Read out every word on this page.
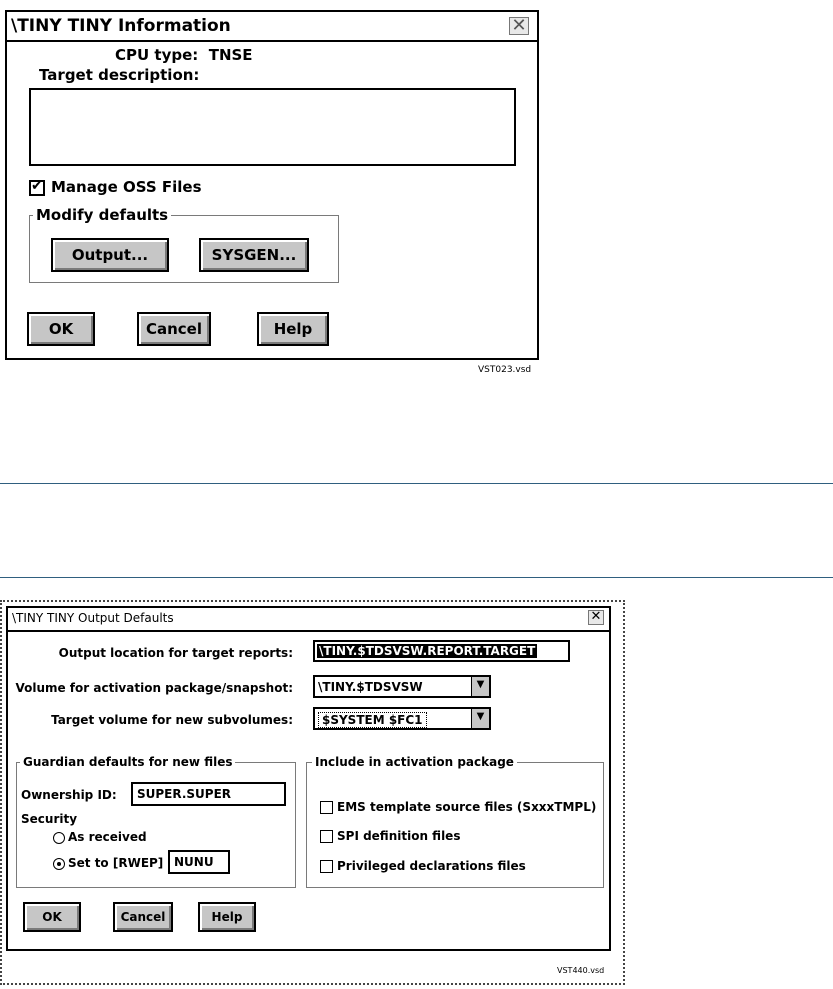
\TINY TINY Information	✕
CPU type: TNSE
Target description:
✔ Manage OSS Files
Modify defaults
Output...	SYSGEN...
OK	Cancel	Help
VST023.vsd
\TINY TINY Output Defaults	✕
Output location for target reports: \TINY.$TDSVSW.REPORT.TARGET
Volume for activation package/snapshot: \TINY.$TDSVSW	▼
Target volume for new subvolumes:	$SYSTEM $FC1	▼
Guardian defaults for new files
Ownership ID: SUPER.SUPER
Security
As received
Set to [RWEP] NUNU
Include in activation package
EMS template source files (SxxxTMPL)
SPI definition files
Privileged declarations files
OK	Cancel	Help
VST440.vsd
